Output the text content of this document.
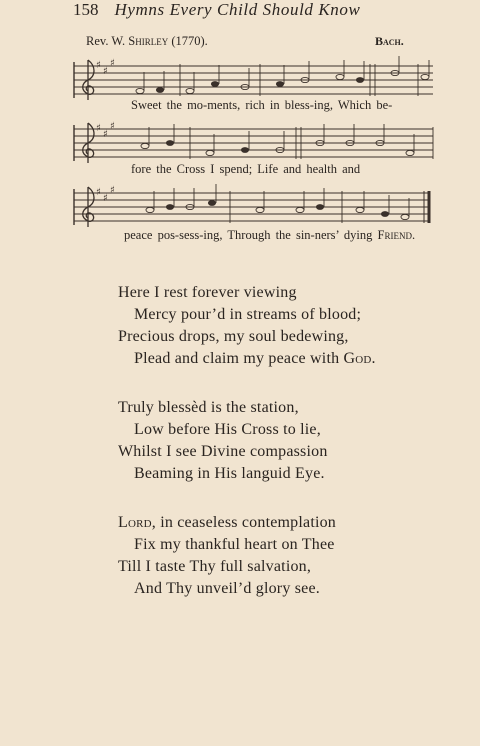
158 Hymns Every Child Should Know
Rev. W. Shirley (1770).	Bach.
♯
♯
♯
♯
♯
♯
♯
♯
♯
Sweet the mo-ments, rich in bless-ing, Which be-
fore the Cross I spend; Life and health and
peace pos-sess-ing, Through the sin-ners’ dying Friend.
Here I rest forever viewing
Mercy pour’d in streams of blood;
Precious drops, my soul bedewing,
Plead and claim my peace with God.
Truly blessèd is the station,
Low before His Cross to lie,
Whilst I see Divine compassion
Beaming in His languid Eye.
Lord, in ceaseless contemplation
Fix my thankful heart on Thee
Till I taste Thy full salvation,
And Thy unveil’d glory see.
